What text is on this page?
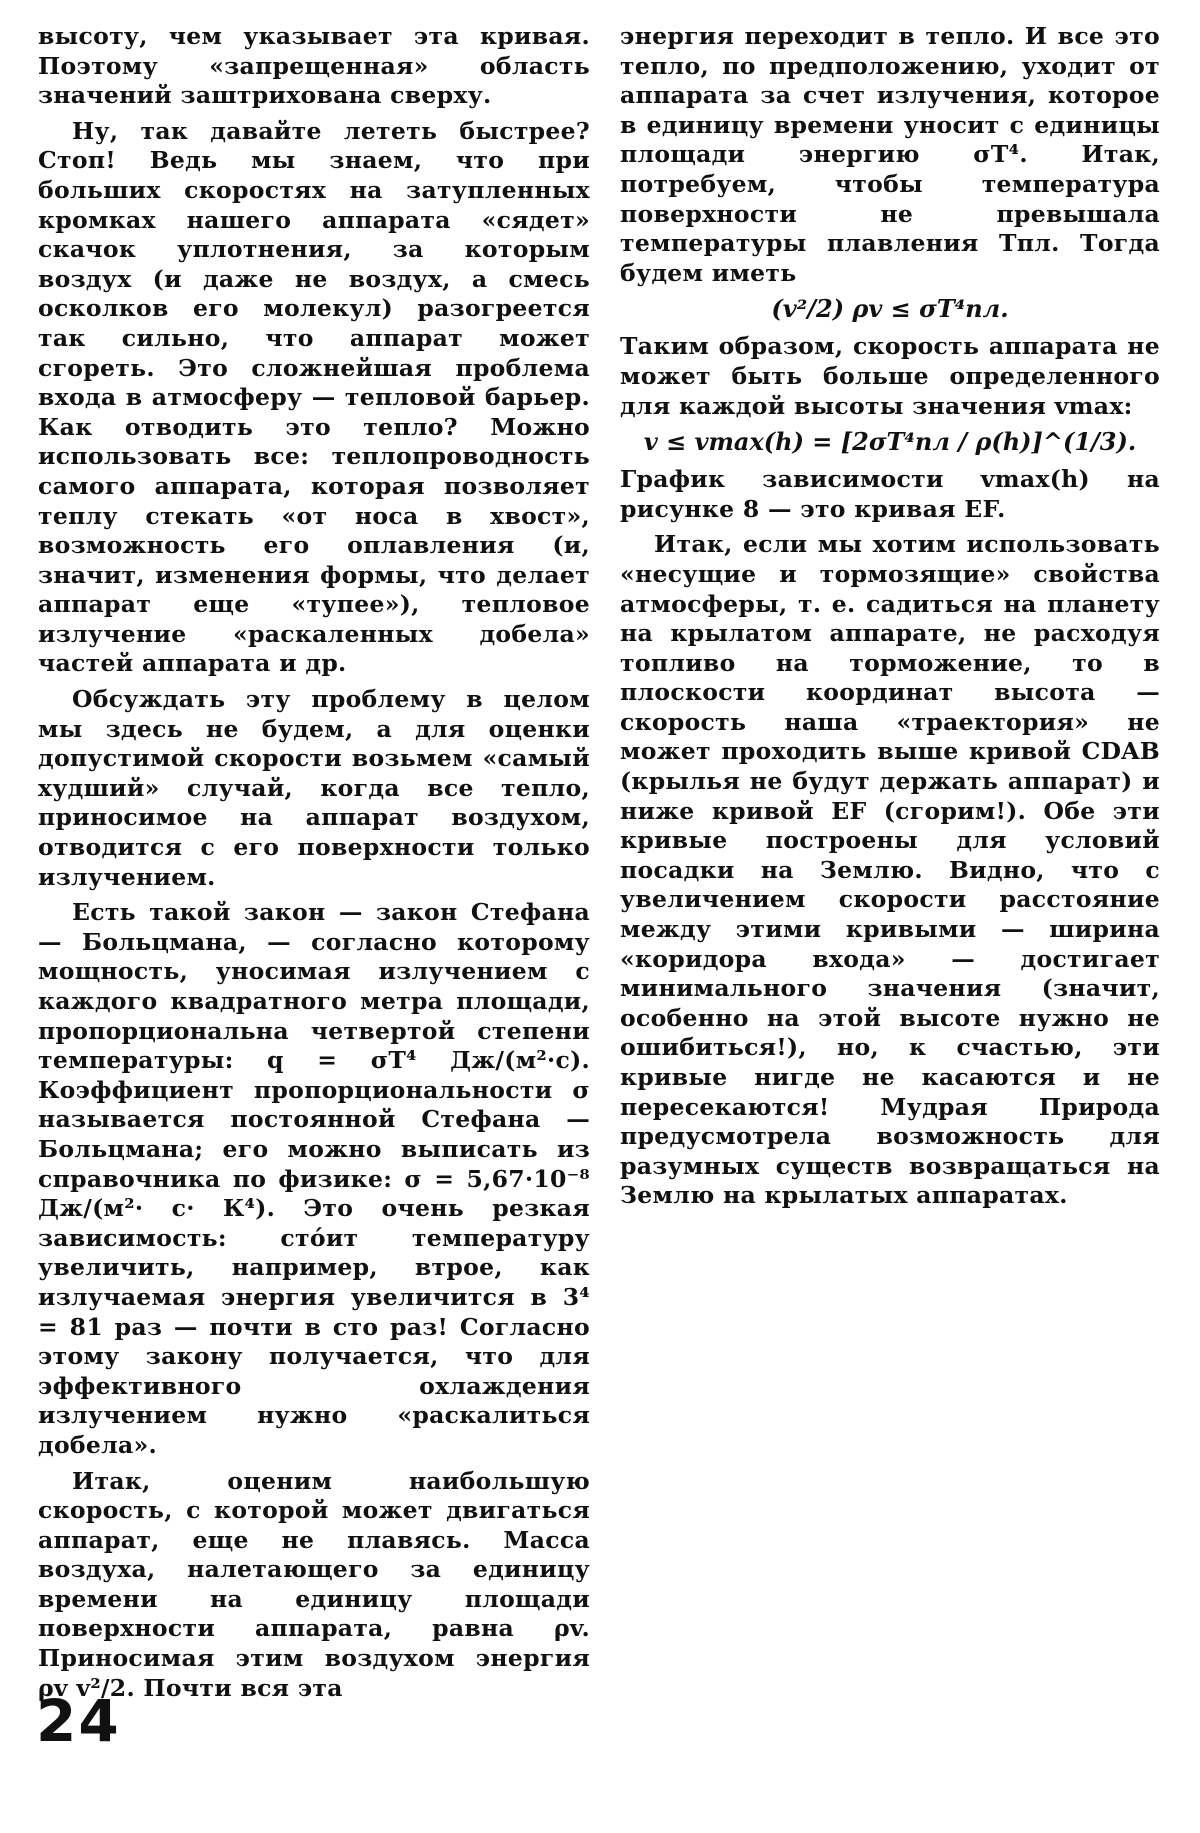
высоту, чем указывает эта кривая. Поэтому «запрещенная» область значений заштрихована сверху.

Ну, так давайте лететь быстрее? Стоп! Ведь мы знаем, что при больших скоростях на затупленных кромках нашего аппарата «сядет» скачок уплотнения, за которым воздух (и даже не воздух, а смесь осколков его молекул) разогреется так сильно, что аппарат может сгореть. Это сложнейшая проблема входа в атмосферу — тепловой барьер. Как отводить это тепло? Можно использовать все: теплопроводность самого аппарата, которая позволяет теплу стекать «от носа в хвост», возможность его оплавления (и, значит, изменения формы, что делает аппарат еще «тупее»), тепловое излучение «раскаленных добела» частей аппарата и др.

Обсуждать эту проблему в целом мы здесь не будем, а для оценки допустимой скорости возьмем «самый худший» случай, когда все тепло, приносимое на аппарат воздухом, отводится с его поверхности только излучением.

Есть такой закон — закон Стефана — Больцмана, — согласно которому мощность, уносимая излучением с каждого квадратного метра площади, пропорциональна четвертой степени температуры: q = σT⁴ Дж/(м²·с). Коэффициент пропорциональности σ называется постоянной Стефана — Больцмана; его можно выписать из справочника по физике: σ = 5,67·10⁻⁸ Дж/(м²· с· К⁴). Это очень резкая зависимость: стóит температуру увеличить, например, втрое, как излучаемая энергия увеличится в 3⁴ = 81 раз — почти в сто раз! Согласно этому закону получается, что для эффективного охлаждения излучением нужно «раскалиться добела».

Итак, оценим наибольшую скорость, с которой может двигаться аппарат, еще не плавясь. Масса воздуха, налетающего за единицу времени на единицу площади поверхности аппарата, равна ρv. Приносимая этим воздухом энергия ρv v²/2. Почти вся эта

энергия переходит в тепло. И все это тепло, по предположению, уходит от аппарата за счет излучения, которое в единицу времени уносит с единицы площади энергию σT⁴. Итак, потребуем, чтобы температура поверхности не превышала температуры плавления Tпл. Тогда будем иметь

(v²/2) ρv ≤ σT⁴пл.

Таким образом, скорость аппарата не может быть больше определенного для каждой высоты значения vmax:

v ≤ vmax(h) = [2σT⁴пл / ρ(h)]^(1/3).

График зависимости vmax(h) на рисунке 8 — это кривая EF.

Итак, если мы хотим использовать «несущие и тормозящие» свойства атмосферы, т. е. садиться на планету на крылатом аппарате, не расходуя топливо на торможение, то в плоскости координат высота — скорость наша «траектория» не может проходить выше кривой CDAB (крылья не будут держать аппарат) и ниже кривой EF (сгорим!). Обе эти кривые построены для условий посадки на Землю. Видно, что с увеличением скорости расстояние между этими кривыми — ширина «коридора входа» — достигает минимального значения (значит, особенно на этой высоте нужно не ошибиться!), но, к счастью, эти кривые нигде не касаются и не пересекаются! Мудрая Природа предусмотрела возможность для разумных существ возвращаться на Землю на крылатых аппаратах.

24
